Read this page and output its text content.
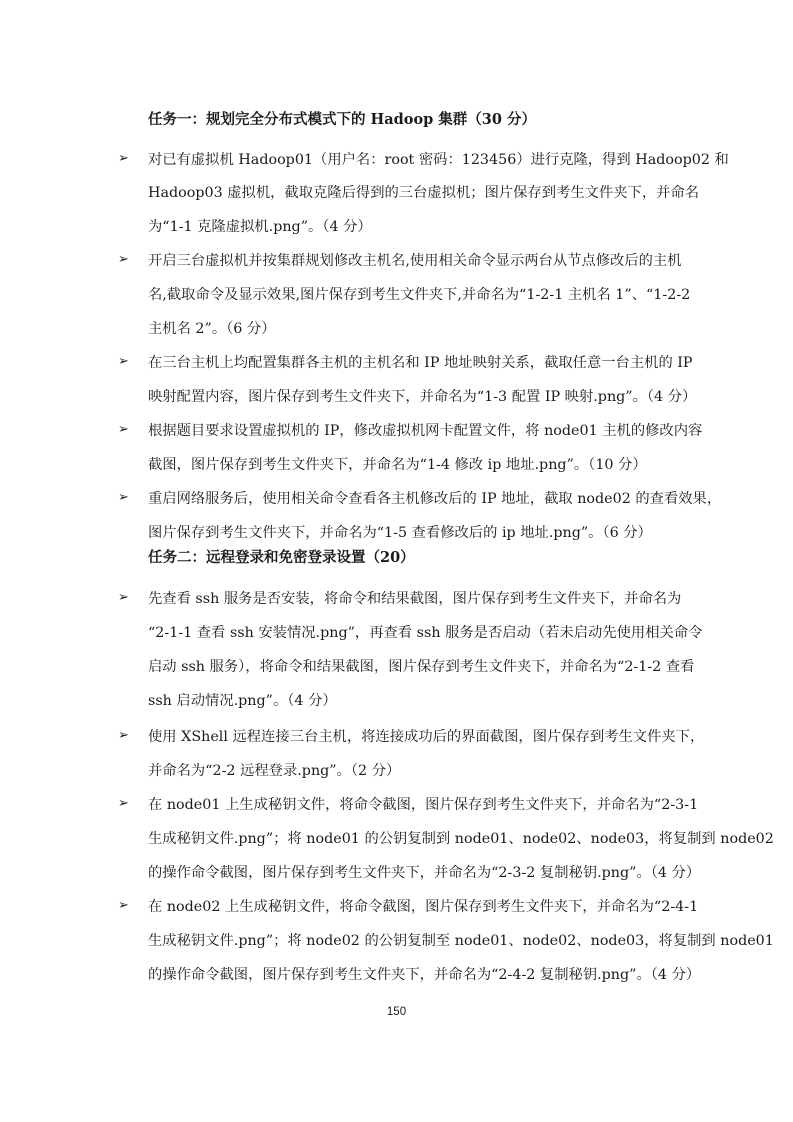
任务一：规划完全分布式模式下的 Hadoop 集群（30 分）
➢	对已有虚拟机 Hadoop01（用户名：root 密码：123456）进行克隆，得到 Hadoop02 和
Hadoop03 虚拟机，截取克隆后得到的三台虚拟机；图片保存到考生文件夹下，并命名
为“1-1 克隆虚拟机.png”。（4 分）
➢	开启三台虚拟机并按集群规划修改主机名,使用相关命令显示两台从节点修改后的主机
名,截取命令及显示效果,图片保存到考生文件夹下,并命名为“1-2-1 主机名 1”、“1-2-2
主机名 2”。（6 分）
➢	在三台主机上均配置集群各主机的主机名和 IP 地址映射关系，截取任意一台主机的 IP
映射配置内容，图片保存到考生文件夹下，并命名为“1-3 配置 IP 映射.png”。（4 分）
➢	根据题目要求设置虚拟机的 IP，修改虚拟机网卡配置文件，将 node01 主机的修改内容
截图，图片保存到考生文件夹下，并命名为“1-4 修改 ip 地址.png”。（10 分）
➢	重启网络服务后，使用相关命令查看各主机修改后的 IP 地址，截取 node02 的查看效果，
图片保存到考生文件夹下，并命名为“1-5 查看修改后的 ip 地址.png”。（6 分）
任务二：远程登录和免密登录设置（20）
➢	先查看 ssh 服务是否安装，将命令和结果截图，图片保存到考生文件夹下，并命名为
“2-1-1 查看 ssh 安装情况.png”，再查看 ssh 服务是否启动（若未启动先使用相关命令
启动 ssh 服务），将命令和结果截图，图片保存到考生文件夹下，并命名为“2-1-2 查看
ssh 启动情况.png”。（4 分）
➢	使用 XShell 远程连接三台主机，将连接成功后的界面截图，图片保存到考生文件夹下，
并命名为“2-2 远程登录.png”。（2 分）
➢	在 node01 上生成秘钥文件，将命令截图，图片保存到考生文件夹下，并命名为“2-3-1
生成秘钥文件.png”；将 node01 的公钥复制到 node01、node02、node03，将复制到 node02
的操作命令截图，图片保存到考生文件夹下，并命名为“2-3-2 复制秘钥.png”。（4 分）
➢	在 node02 上生成秘钥文件，将命令截图，图片保存到考生文件夹下，并命名为“2-4-1
生成秘钥文件.png”；将 node02 的公钥复制至 node01、node02、node03，将复制到 node01
的操作命令截图，图片保存到考生文件夹下，并命名为“2-4-2 复制秘钥.png”。（4 分）
150
